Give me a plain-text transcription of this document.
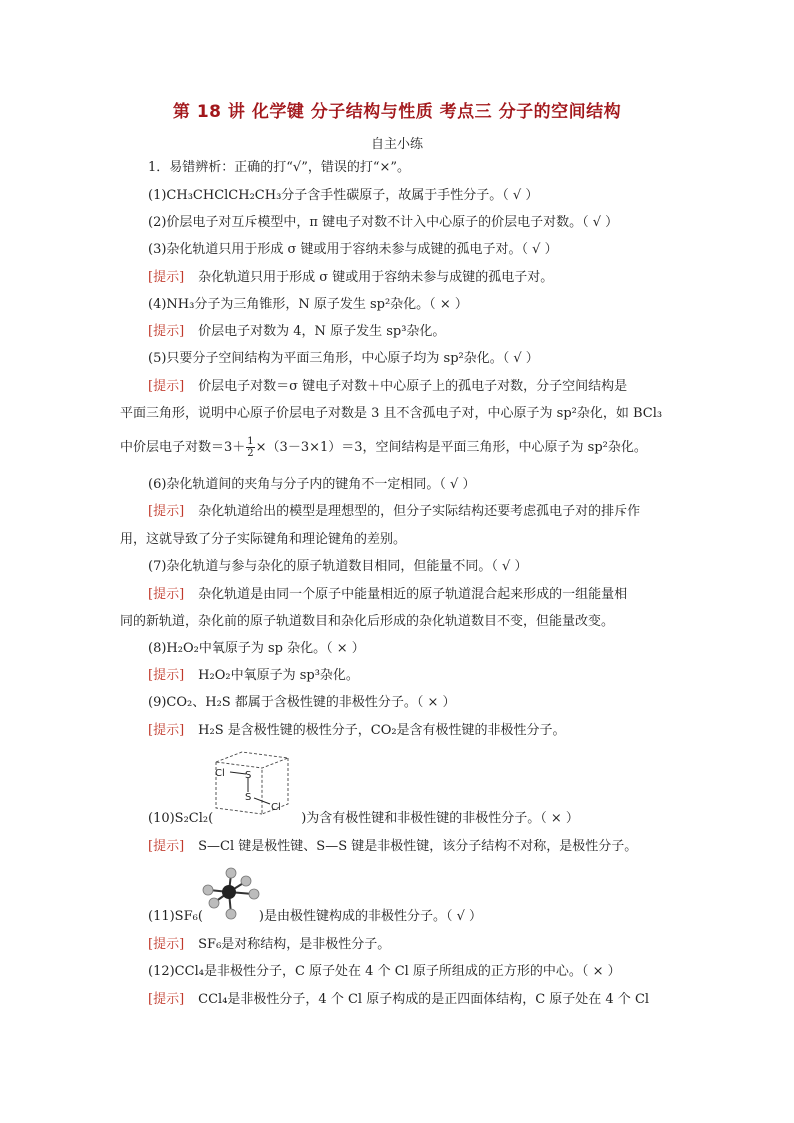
第 18 讲 化学键 分子结构与性质 考点三 分子的空间结构
自主小练
1．易错辨析：正确的打“√”，错误的打“×”。
(1)CH₃CHClCH₂CH₃分子含手性碳原子，故属于手性分子。（ √ ）
(2)价层电子对互斥模型中，π 键电子对数不计入中心原子的价层电子对数。（ √ ）
(3)杂化轨道只用于形成 σ 键或用于容纳未参与成键的孤电子对。（ √ ）
[提示] 杂化轨道只用于形成 σ 键或用于容纳未参与成键的孤电子对。
(4)NH₃分子为三角锥形，N 原子发生 sp²杂化。（ × ）
[提示] 价层电子对数为 4，N 原子发生 sp³杂化。
(5)只要分子空间结构为平面三角形，中心原子均为 sp²杂化。（ √ ）
[提示] 价层电子对数＝σ 键电子对数＋中心原子上的孤电子对数，分子空间结构是
平面三角形，说明中心原子价层电子对数是 3 且不含孤电子对，中心原子为 sp²杂化，如 BCl₃
中价层电子对数$=3+ \frac{1}{2} \times(3-3\times 1)=3$，空间结构是平面三角形，中心原子为 sp²杂化。
(6)杂化轨道间的夹角与分子内的键角不一定相同。（ √ ）
[提示] 杂化轨道给出的模型是理想型的，但分子实际结构还要考虑孤电子对的排斥作
用，这就导致了分子实际键角和理论键角的差别。
(7)杂化轨道与参与杂化的原子轨道数目相同，但能量不同。（ √ ）
[提示] 杂化轨道是由同一个原子中能量相近的原子轨道混合起来形成的一组能量相
同的新轨道，杂化前的原子轨道数目和杂化后形成的杂化轨道数目不变，但能量改变。
(8)H₂O₂中氧原子为 sp 杂化。（ × ）
[提示] H₂O₂中氧原子为 sp³杂化。
(9)CO₂、H₂S 都属于含极性键的非极性分子。（ × ）
[提示] H₂S 是含极性键的极性分子，CO₂是含有极性键的非极性分子。
Cl S
S
Cl
(10)S₂Cl₂(	)为含有极性键和非极性键的非极性分子。（ × ）
[提示] S—Cl 键是极性键、S—S 键是非极性键，该分子结构不对称，是极性分子。
(11)SF₆(	)是由极性键构成的非极性分子。（ √ ）
[提示] SF₆是对称结构，是非极性分子。
(12)CCl₄是非极性分子，C 原子处在 4 个 Cl 原子所组成的正方形的中心。（ × ）
[提示] CCl₄是非极性分子，4 个 Cl 原子构成的是正四面体结构，C 原子处在 4 个 Cl
